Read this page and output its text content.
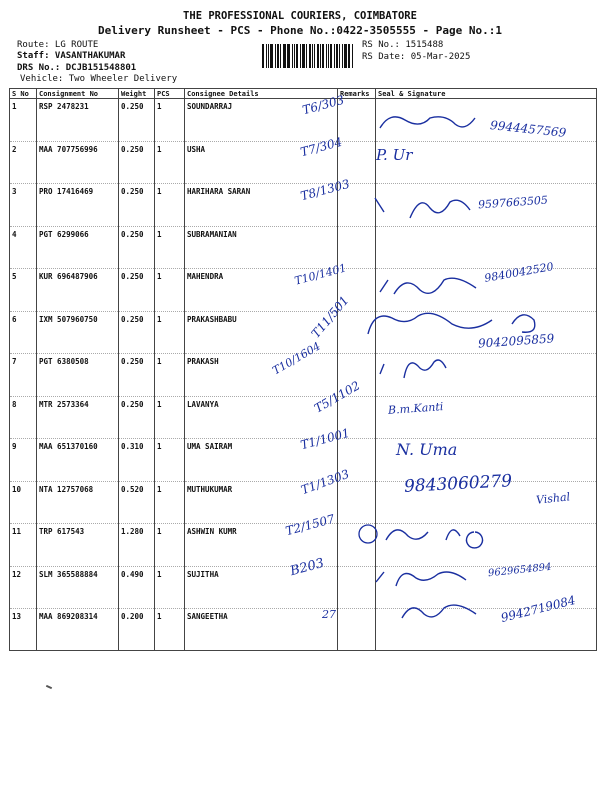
THE PROFESSIONAL COURIERS, COIMBATORE
Delivery Runsheet - PCS - Phone No.:0422-3505555 - Page No.:1
Route: LG ROUTE
Staff: VASANTHAKUMAR
DRS No.: DCJB151548801
Vehicle: Two Wheeler Delivery
RS No.: 1515488
RS Date: 05-Mar-2025
S No	Consignment No	Weight	PCS	Consignee Details	Remarks	Seal & Signature
1	RSP 2478231	0.250	1	SOUNDARRAJ		
2	MAA 707756996	0.250	1	USHA		
3	PRO 17416469	0.250	1	HARIHARA SARAN		
4	PGT 6299066	0.250	1	SUBRAMANIAN		
5	KUR 696487906	0.250	1	MAHENDRA		
6	IXM 507960750	0.250	1	PRAKASHBABU		
7	PGT 6380508	0.250	1	PRAKASH		
8	MTR 2573364	0.250	1	LAVANYA		
9	MAA 651370160	0.310	1	UMA SAIRAM		
10	NTA 12757068	0.520	1	MUTHUKUMAR		
11	TRP 617543	1.280	1	ASHWIN KUMR		
12	SLM 365588884	0.490	1	SUJITHA		
13	MAA 869208314	0.200	1	SANGEETHA		
T6/303
T7/304
T8/1303
T10/1401
T11/501
T10/1604
T5/1102
T1/1001
T1/1303
T2/1507
B203
27
9944457569
P. Ur
9597663505
9840042520
9042095859
B.m.Kanti
N. Uma
9843060279
Vishal
9629654894
9942719084
